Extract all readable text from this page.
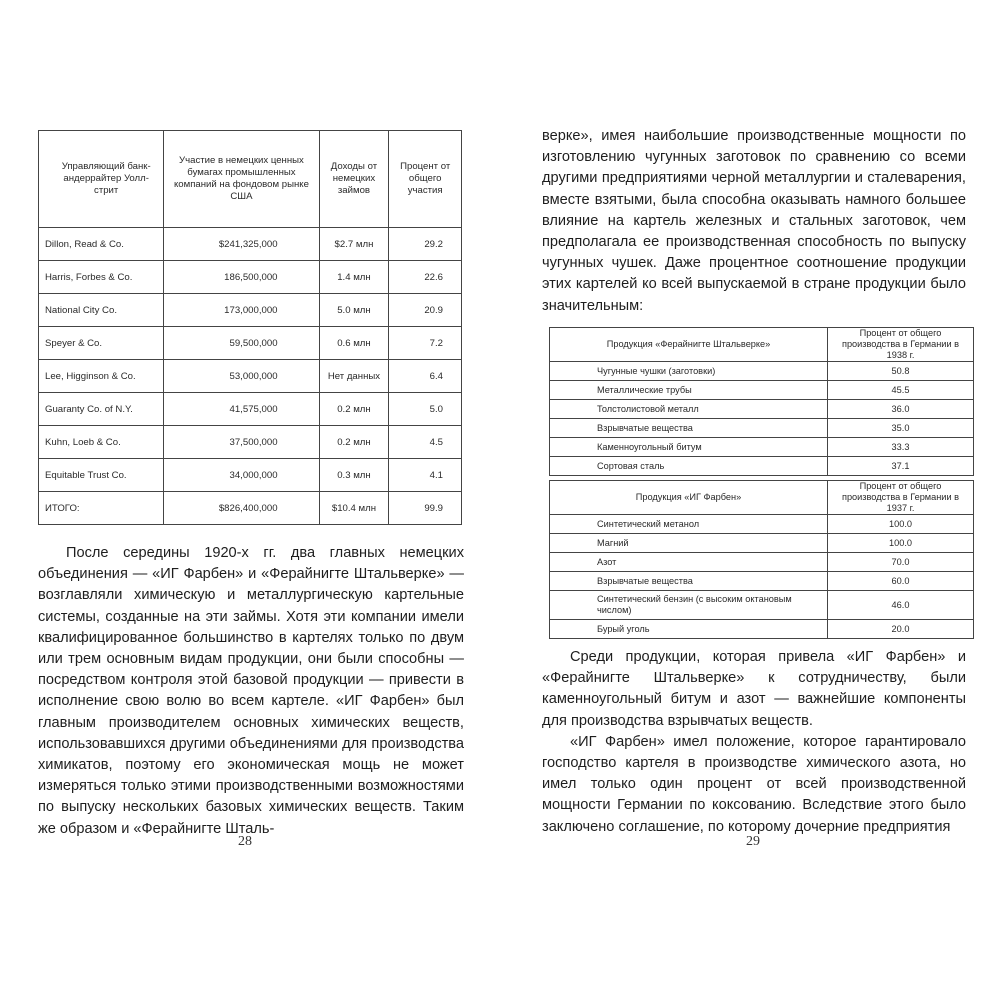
Управляющий банк-андеррайтер Уолл-стрит	Участие в немецких ценных бумагах промышленных компаний на фондовом рынке США	Доходы от немецких займов	Процент от общего участия
Dillon, Read & Co.	$241,325,000	$2.7 млн	29.2
Harris, Forbes & Co.	186,500,000	1.4 млн	22.6
National City Co.	173,000,000	5.0 млн	20.9
Speyer & Co.	59,500,000	0.6 млн	7.2
Lee, Higginson & Co.	53,000,000	Нет данных	6.4
Guaranty Co. of N.Y.	41,575,000	0.2 млн	5.0
Kuhn, Loeb & Co.	37,500,000	0.2 млн	4.5
Equitable Trust Co.	34,000,000	0.3 млн	4.1
ИТОГО:	$826,400,000	$10.4 млн	99.9

После середины 1920-х гг. два главных немецких объединения — «ИГ Фарбен» и «Ферайнигте Штальверке» — возглавляли химическую и металлургическую картельные системы, созданные на эти займы. Хотя эти компании имели квалифицированное большинство в картелях только по двум или трем основным видам продукции, они были способны — посредством контроля этой базовой продукции — привести в исполнение свою волю во всем картеле. «ИГ Фарбен» был главным производителем основных химических веществ, использовавшихся другими объединениями для производства химикатов, поэтому его экономическая мощь не может измеряться только этими производственными возможностями по выпуску нескольких базовых химических веществ. Таким же образом и «Ферайнигте Шталь-

28

верке», имея наибольшие производственные мощности по изготовлению чугунных заготовок по сравнению со всеми другими предприятиями черной металлургии и сталеварения, вместе взятыми, была способна оказывать намного большее влияние на картель железных и стальных заготовок, чем предполагала ее производственная способность по выпуску чугунных чушек. Даже процентное соотношение продукции этих картелей ко всей выпускаемой в стране продукции было значительным:

Продукция «Ферайнигте Штальверке»	Процент от общего производства в Германии в 1938 г.
Чугунные чушки (заготовки)	50.8
Металлические трубы	45.5
Толстолистовой металл	36.0
Взрывчатые вещества	35.0
Каменноугольный битум	33.3
Сортовая сталь	37.1
Продукция «ИГ Фарбен»	Процент от общего производства в Германии в 1937 г.
Синтетический метанол	100.0
Магний	100.0
Азот	70.0
Взрывчатые вещества	60.0
Синтетический бензин (с высоким октановым числом)	46.0
Бурый уголь	20.0

Среди продукции, которая привела «ИГ Фарбен» и «Ферайнигте Штальверке» к сотрудничеству, были каменноугольный битум и азот — важнейшие компоненты для производства взрывчатых веществ.

«ИГ Фарбен» имел положение, которое гарантировало господство картеля в производстве химического азота, но имел только один процент от всей производственной мощности Германии по коксованию. Вследствие этого было заключено соглашение, по которому дочерние предприятия

29
